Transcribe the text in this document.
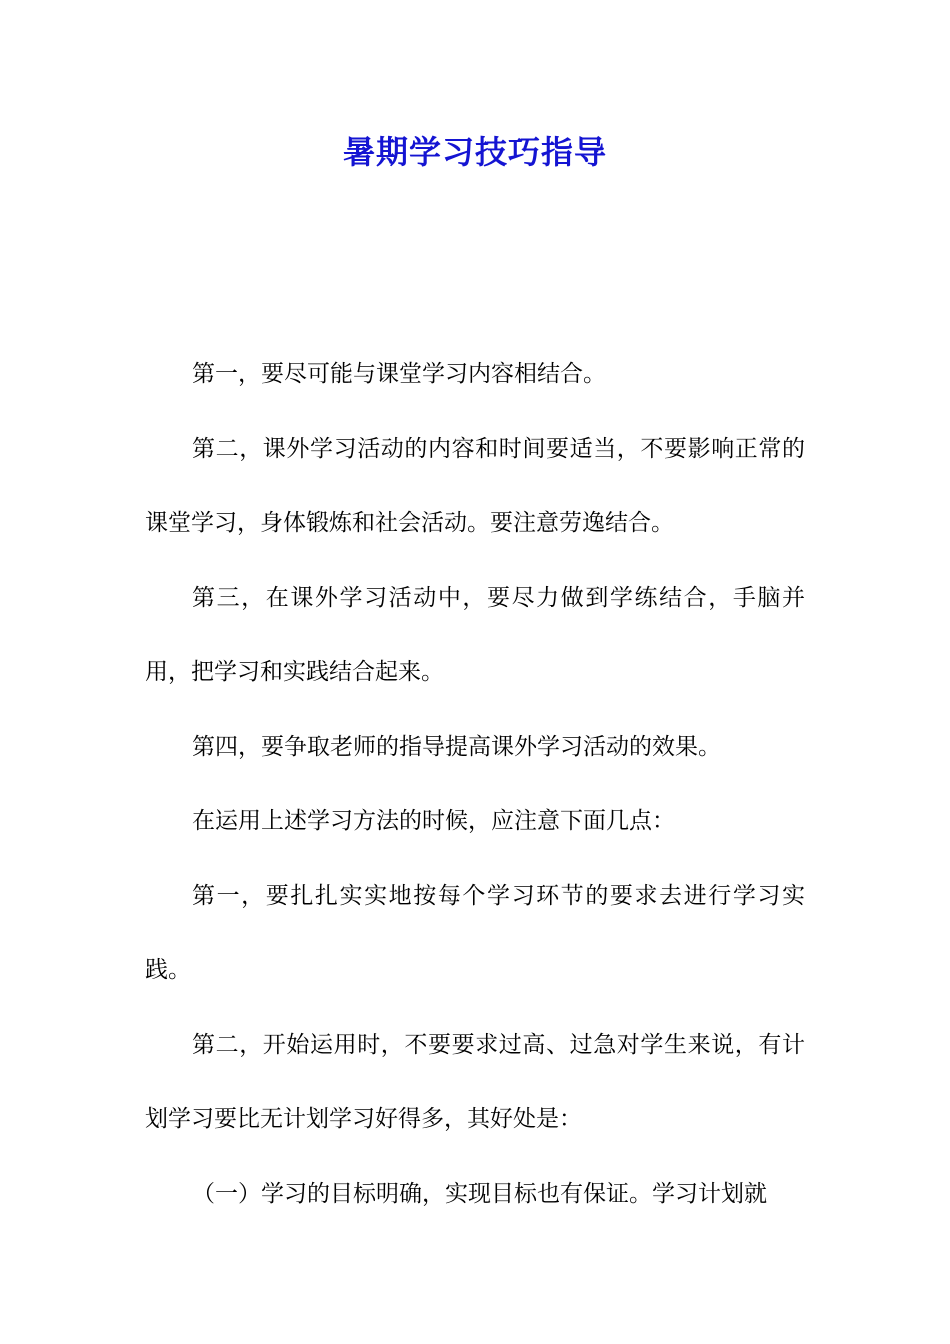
暑期学习技巧指导

第一，要尽可能与课堂学习内容相结合。

第二，课外学习活动的内容和时间要适当，不要影响正常的课堂学习，身体锻炼和社会活动。要注意劳逸结合。

第三，在课外学习活动中，要尽力做到学练结合，手脑并用，把学习和实践结合起来。

第四，要争取老师的指导提高课外学习活动的效果。

在运用上述学习方法的时候，应注意下面几点：

第一，要扎扎实实地按每个学习环节的要求去进行学习实践。

第二，开始运用时，不要要求过高、过急对学生来说，有计划学习要比无计划学习好得多，其好处是：

（一）学习的目标明确，实现目标也有保证。学习计划就
